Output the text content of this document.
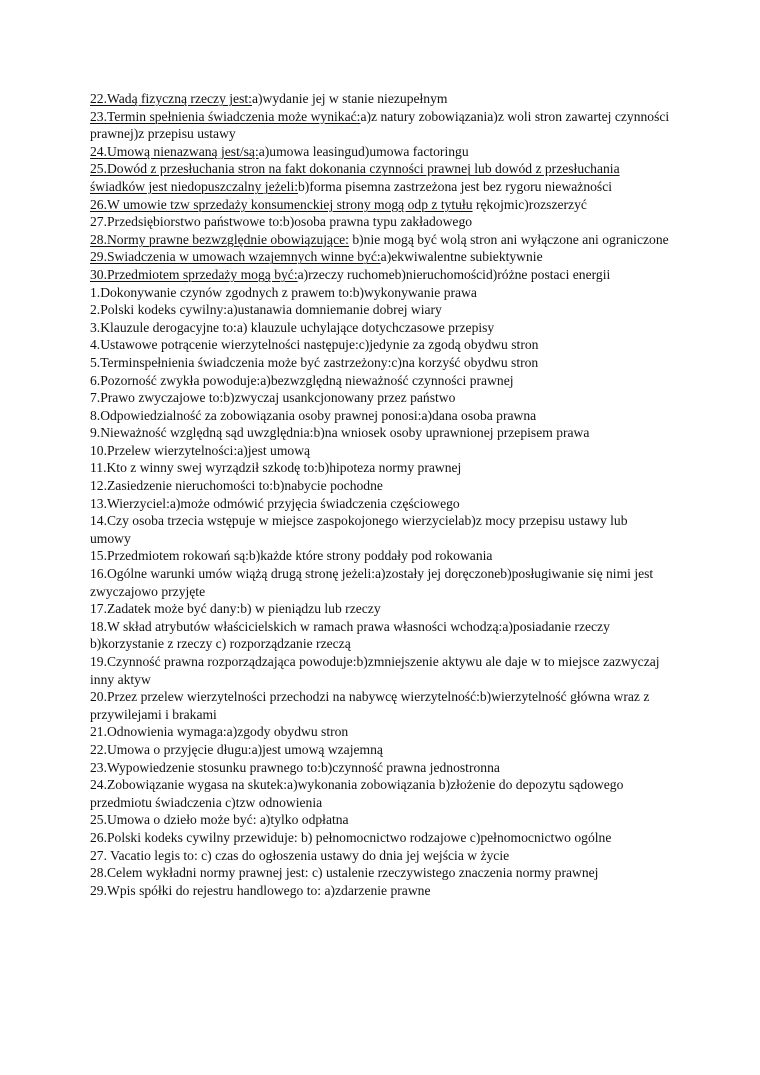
22.Wadą fizyczną rzeczy jest:a)wydanie jej w stanie niezupełnym
23.Termin spełnienia świadczenia może wynikać:a)z natury zobowiązania)z woli stron zawartej czynności prawnej)z przepisu ustawy
24.Umową nienazwaną jest/są:a)umowa leasingud)umowa factoringu
25.Dowód z przesłuchania stron na fakt dokonania czynności prawnej lub dowód z przesłuchania świadków jest niedopuszczalny jeżeli:b)forma pisemna zastrzeżona jest bez rygoru nieważności
26.W umowie tzw sprzedaży konsumenckiej strony mogą odp z tytułu rękojmic)rozszerzyć
27.Przedsiębiorstwo państwowe to:b)osoba prawna typu zakładowego
28.Normy prawne bezwzględnie obowiązujące: b)nie mogą być wolą stron ani wyłączone ani ograniczone
29.Swiadczenia w umowach wzajemnych winne być:a)ekwiwalentne subiektywnie
30.Przedmiotem sprzedaży mogą być:a)rzeczy ruchomeb)nieruchomościd)różne postaci energii
1.Dokonywanie czynów zgodnych z prawem to:b)wykonywanie prawa
2.Polski kodeks cywilny:a)ustanawia domniemanie dobrej wiary
3.Klauzule derogacyjne to:a) klauzule uchylające dotychczasowe przepisy
4.Ustawowe potrącenie wierzytelności następuje:c)jedynie za zgodą obydwu stron
5.Terminspełnienia świadczenia może być zastrzeżony:c)na korzyść obydwu stron
6.Pozorność zwykła powoduje:a)bezwzględną nieważność czynności prawnej
7.Prawo zwyczajowe to:b)zwyczaj usankcjonowany przez państwo
8.Odpowiedzialność za zobowiązania osoby prawnej ponosi:a)dana osoba prawna
9.Nieważność względną sąd uwzględnia:b)na wniosek osoby uprawnionej przepisem prawa
10.Przelew wierzytelności:a)jest umową
11.Kto z winny swej wyrządził szkodę to:b)hipoteza normy prawnej
12.Zasiedzenie nieruchomości to:b)nabycie pochodne
13.Wierzyciel:a)może odmówić przyjęcia świadczenia częściowego
14.Czy osoba trzecia wstępuje w miejsce zaspokojonego wierzycielab)z mocy przepisu ustawy lub umowy
15.Przedmiotem rokowań są:b)każde które strony poddały pod rokowania
16.Ogólne warunki umów wiążą drugą stronę jeżeli:a)zostały jej doręczoneb)posługiwanie się nimi jest zwyczajowo przyjęte
17.Zadatek może być dany:b) w pieniądzu lub rzeczy
18.W skład atrybutów właścicielskich w ramach prawa własności wchodzą:a)posiadanie rzeczy b)korzystanie z rzeczy c) rozporządzanie rzeczą
19.Czynność prawna rozporządzająca powoduje:b)zmniejszenie aktywu ale daje w to miejsce zazwyczaj inny aktyw
20.Przez przelew wierzytelności przechodzi na nabywcę wierzytelność:b)wierzytelność główna wraz z przywilejami i brakami
21.Odnowienia wymaga:a)zgody obydwu stron
22.Umowa o przyjęcie długu:a)jest umową wzajemną
23.Wypowiedzenie stosunku prawnego to:b)czynność prawna jednostronna
24.Zobowiązanie wygasa na skutek:a)wykonania zobowiązania b)złożenie do depozytu sądowego przedmiotu świadczenia c)tzw odnowienia
25.Umowa o dzieło może być: a)tylko odpłatna
26.Polski kodeks cywilny przewiduje: b) pełnomocnictwo rodzajowe c)pełnomocnictwo ogólne
27. Vacatio legis to: c) czas do ogłoszenia ustawy do dnia jej wejścia w życie
28.Celem wykładni normy prawnej jest: c) ustalenie rzeczywistego znaczenia normy prawnej
29.Wpis spółki do rejestru handlowego to: a)zdarzenie prawne
